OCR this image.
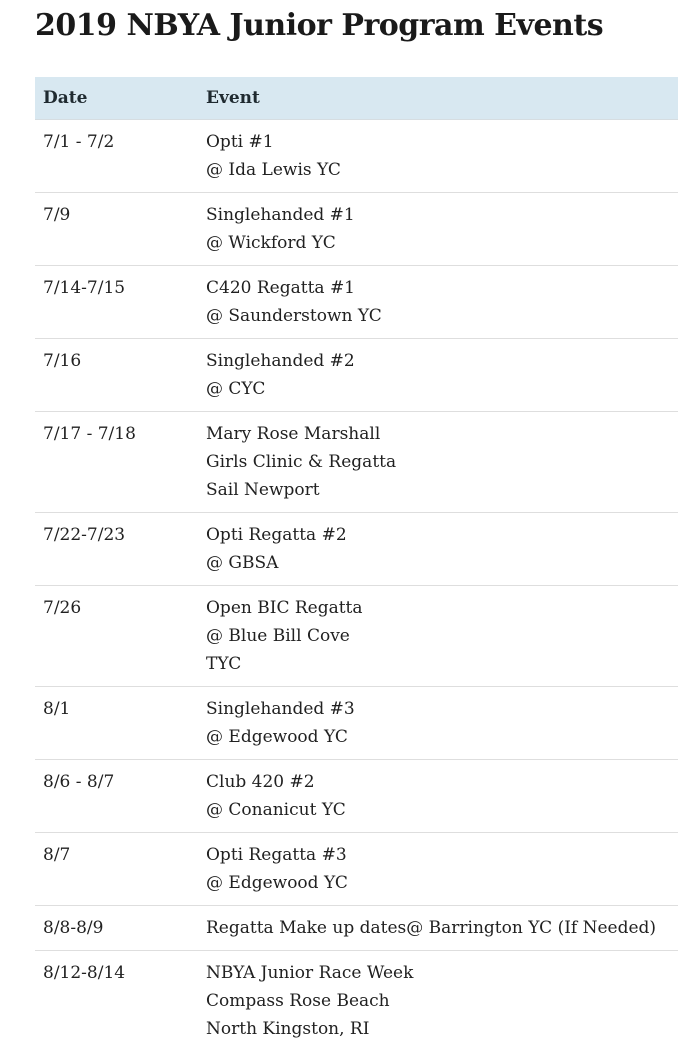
2019 NBYA Junior Program Events
Date	Event
7/1 - 7/2	Opti #1
@ Ida Lewis YC

7/9	Singlehanded #1
@ Wickford YC

7/14-7/15	C420 Regatta #1
@ Saunderstown YC

7/16	Singlehanded #2
@ CYC

7/17 - 7/18	Mary Rose Marshall
Girls Clinic & Regatta
Sail Newport

7/22-7/23	Opti Regatta #2
@ GBSA

7/26	Open BIC Regatta
@ Blue Bill Cove
TYC

8/1	Singlehanded #3
@ Edgewood YC

8/6 - 8/7	Club 420 #2
@ Conanicut YC

8/7	Opti Regatta #3
@ Edgewood YC

8/8-8/9	Regatta Make up dates@ Barrington YC (If Needed)

8/12-8/14	NBYA Junior Race Week
Compass Rose Beach
North Kingston, RI
